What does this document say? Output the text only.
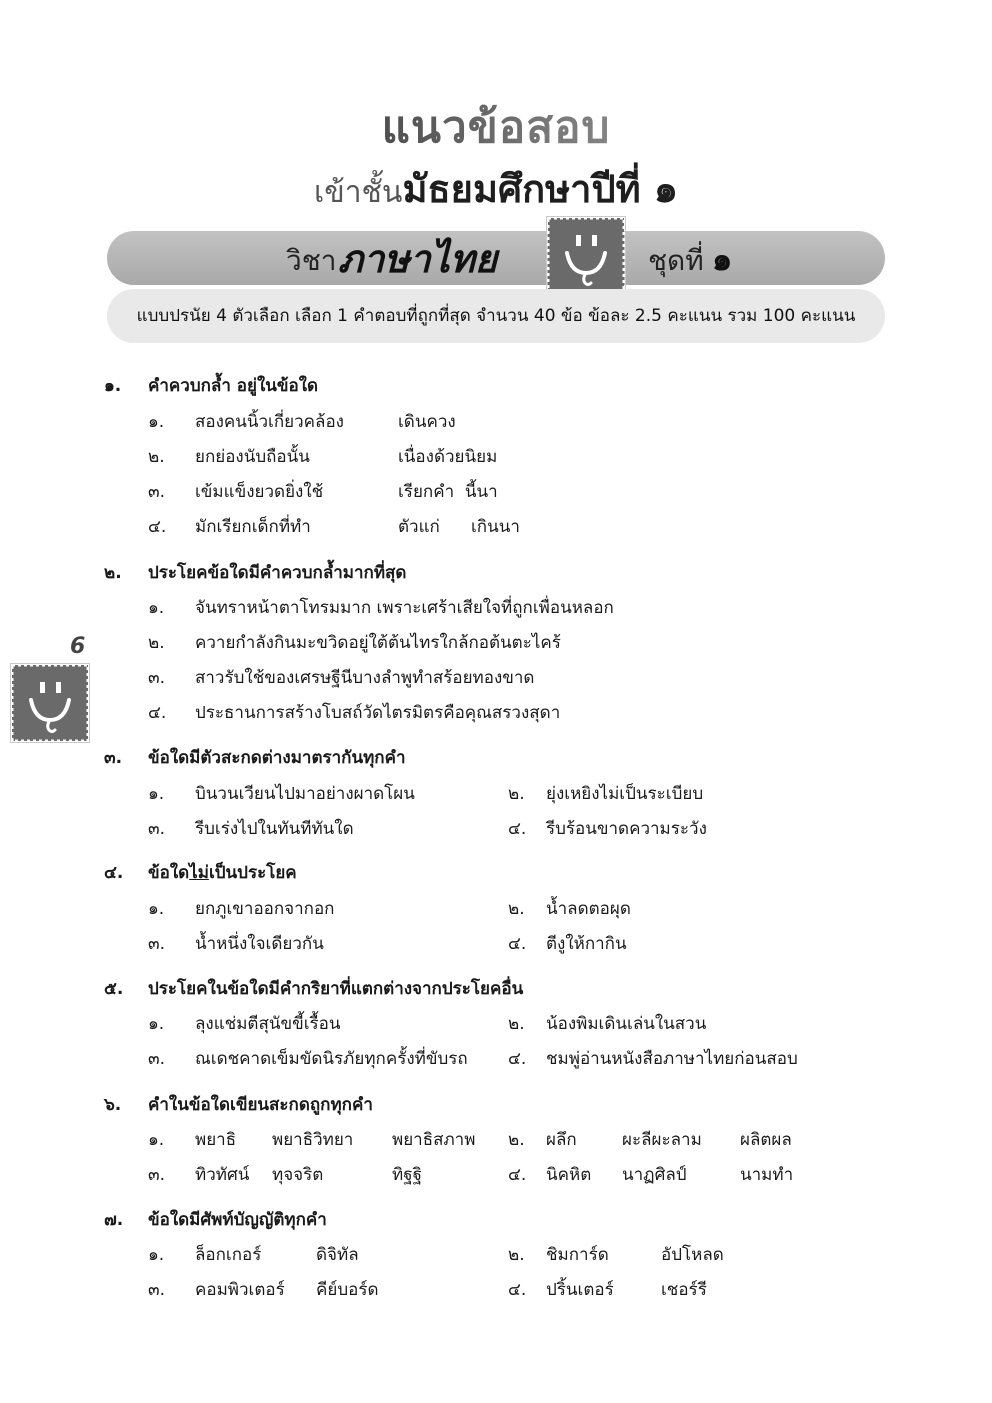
แนวข้อสอบ
เข้าชั้นมัธยมศึกษาปีที่ ๑
วิชา ภาษาไทย	ชุดที่ ๑
แบบปรนัย 4 ตัวเลือก เลือก 1 คำตอบที่ถูกที่สุด จำนวน 40 ข้อ ข้อละ 2.5 คะแนน รวม 100 คะแนน
6
๑. คำควบกล้ำ อยู่ในข้อใด
๑. สองคนนิ้วเกี่ยวคล้อง	เดินควง
๒. ยกย่องนับถือนั้น	เนื่องด้วยนิยม
๓. เข้มแข็งยวดยิ่งใช้	เรียกคำ  นี้นา
๔. มักเรียกเด็กที่ทำ	ตัวแก่ เกินนา
๒. ประโยคข้อใดมีคำควบกล้ำมากที่สุด
๑. จันทราหน้าตาโทรมมาก เพราะเศร้าเสียใจที่ถูกเพื่อนหลอก
๒. ควายกำลังกินมะขวิดอยู่ใต้ต้นไทรใกล้กอต้นตะไคร้
๓. สาวรับใช้ของเศรษฐีนีบางลำพูทำสร้อยทองขาด
๔. ประธานการสร้างโบสถ์วัดไตรมิตรคือคุณสรวงสุดา
๓. ข้อใดมีตัวสะกดต่างมาตรากันทุกคำ
๑. บินวนเวียนไปมาอย่างผาดโผน	๒. ยุ่งเหยิงไม่เป็นระเบียบ
๓. รีบเร่งไปในทันทีทันใด	๔. รีบร้อนขาดความระวัง
๔. ข้อใดไม่เป็นประโยค
๑. ยกภูเขาออกจากอก	๒. น้ำลดตอผุด
๓. น้ำหนึ่งใจเดียวกัน	๔. ตีงูให้กากิน
๕. ประโยคในข้อใดมีคำกริยาที่แตกต่างจากประโยคอื่น
๑. ลุงแช่มตีสุนัขขี้เรื้อน	๒. น้องพิมเดินเล่นในสวน
๓. ณเดชคาดเข็มขัดนิรภัยทุกครั้งที่ขับรถ ๔. ชมพู่อ่านหนังสือภาษาไทยก่อนสอบ
๖. คำในข้อใดเขียนสะกดถูกทุกคำ
๑. พยาธิ พยาธิวิทยา พยาธิสภาพ ๒. ผลึก	ผะลีผะลาม ผลิตผล
๓. ทิวทัศน์ ทุจจริต	ทิฐฐิ	๔. นิคหิต นาฏศิลป์	นามทำ
๗. ข้อใดมีศัพท์บัญญัติทุกคำ
๑. ล็อกเกอร์	ดิจิทัล	๒. ชิมการ์ด	อัปโหลด
๓. คอมพิวเตอร์ คีย์บอร์ด	๔. ปริ้นเตอร์	เชอร์รี
